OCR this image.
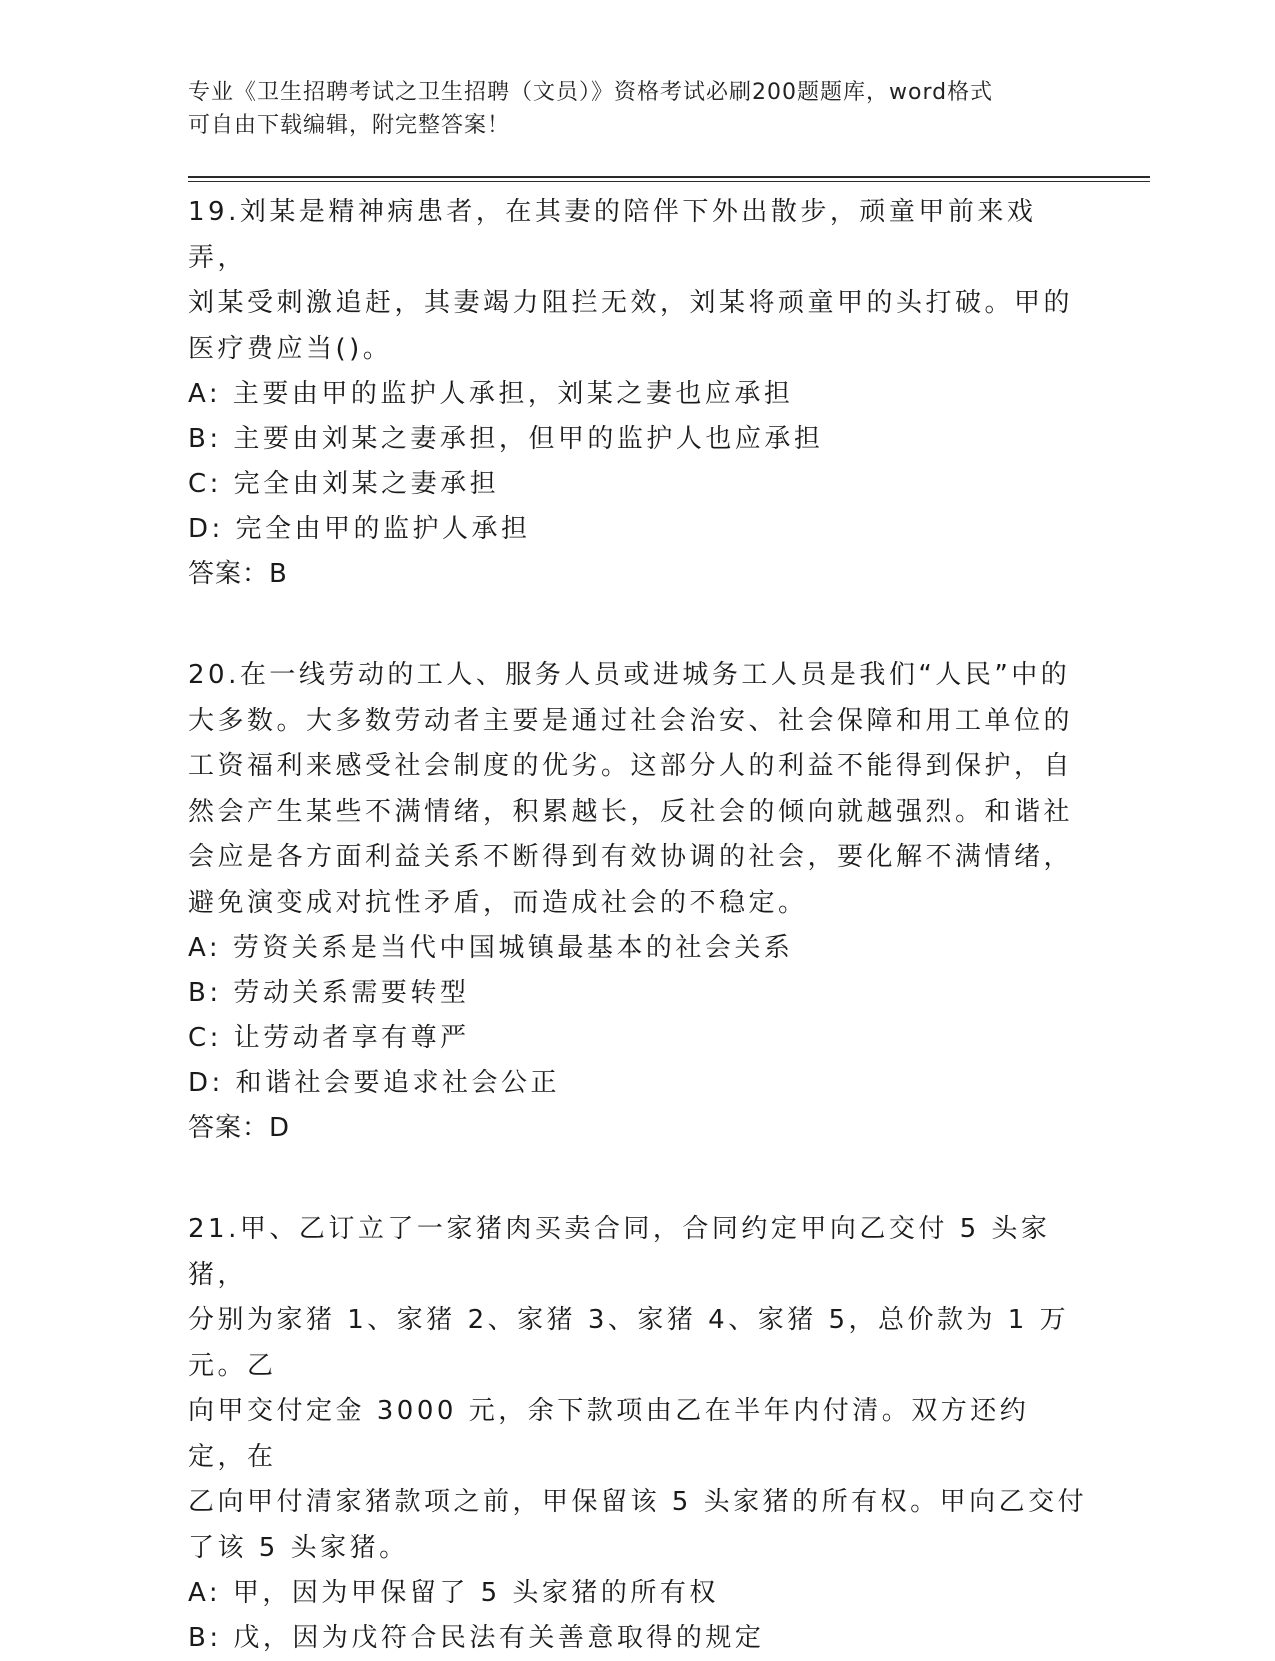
专业《卫生招聘考试之卫生招聘（文员）》资格考试必刷200题题库，word格式
可自由下载编辑，附完整答案！

19.刘某是精神病患者，在其妻的陪伴下外出散步，顽童甲前来戏弄，

刘某受刺激追赶，其妻竭力阻拦无效，刘某将顽童甲的头打破。甲的

医疗费应当()。

A: 主要由甲的监护人承担，刘某之妻也应承担

B: 主要由刘某之妻承担，但甲的监护人也应承担

C: 完全由刘某之妻承担

D: 完全由甲的监护人承担

答案：B

20.在一线劳动的工人、服务人员或进城务工人员是我们“人民”中的

大多数。大多数劳动者主要是通过社会治安、社会保障和用工单位的

工资福利来感受社会制度的优劣。这部分人的利益不能得到保护，自

然会产生某些不满情绪，积累越长，反社会的倾向就越强烈。和谐社

会应是各方面利益关系不断得到有效协调的社会，要化解不满情绪，

避免演变成对抗性矛盾，而造成社会的不稳定。

A: 劳资关系是当代中国城镇最基本的社会关系

B: 劳动关系需要转型

C: 让劳动者享有尊严

D: 和谐社会要追求社会公正

答案：D

21.甲、乙订立了一家猪肉买卖合同，合同约定甲向乙交付 5 头家猪，

分别为家猪 1、家猪 2、家猪 3、家猪 4、家猪 5，总价款为 1 万元。乙

向甲交付定金 3000 元，余下款项由乙在半年内付清。双方还约定，在

乙向甲付清家猪款项之前，甲保留该 5 头家猪的所有权。甲向乙交付

了该 5 头家猪。

A: 甲，因为甲保留了 5 头家猪的所有权

B: 戊，因为戊符合民法有关善意取得的规定
